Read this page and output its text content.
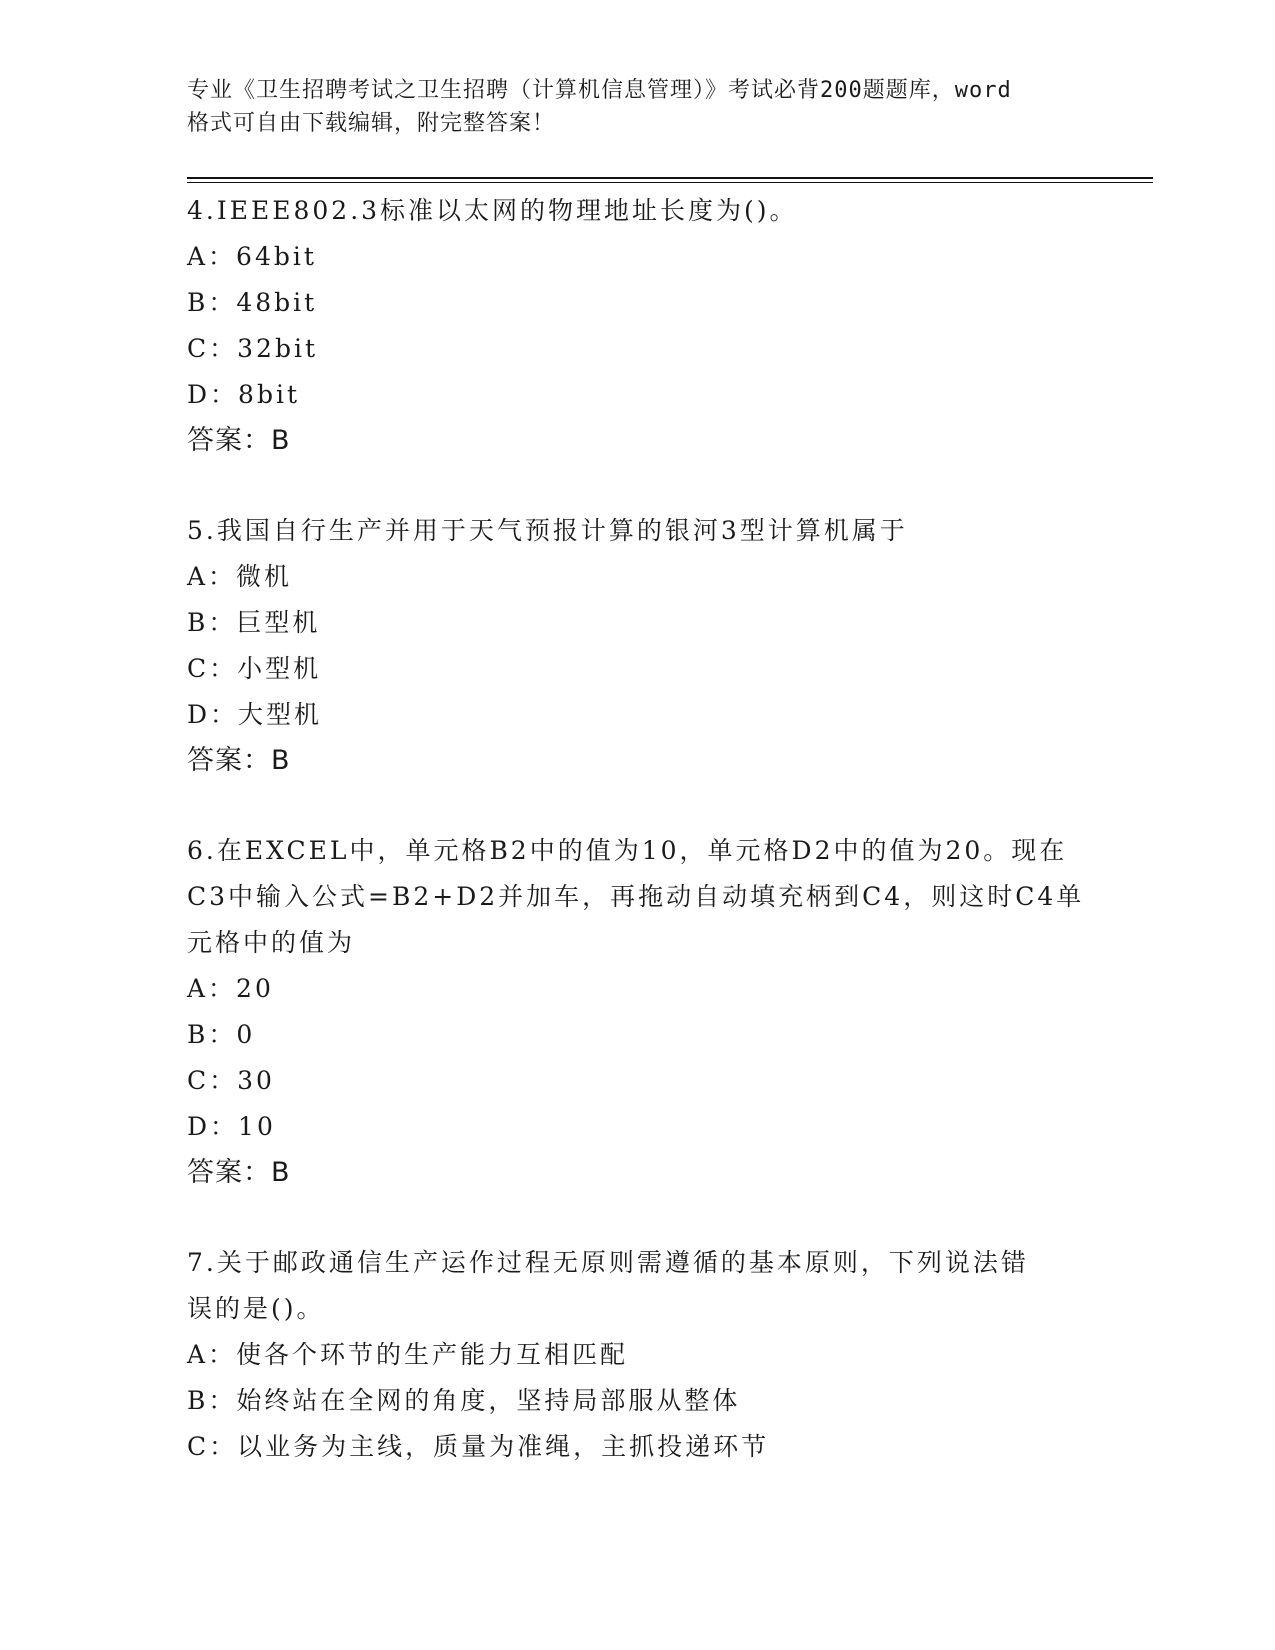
专业《卫生招聘考试之卫生招聘（计算机信息管理）》考试必背200题题库，word
格式可自由下载编辑，附完整答案！
4.IEEE802.3标准以太网的物理地址长度为()。
A：64bit
B：48bit
C：32bit
D：8bit
答案：B
5.我国自行生产并用于天气预报计算的银河3型计算机属于
A：微机
B：巨型机
C：小型机
D：大型机
答案：B
6.在EXCEL中，单元格B2中的值为10，单元格D2中的值为20。现在
C3中输入公式=B2+D2并加车，再拖动自动填充柄到C4，则这时C4单
元格中的值为
A：20
B：0
C：30
D：10
答案：B
7.关于邮政通信生产运作过程无原则需遵循的基本原则，下列说法错
误的是()。
A：使各个环节的生产能力互相匹配
B：始终站在全网的角度，坚持局部服从整体
C：以业务为主线，质量为准绳，主抓投递环节
